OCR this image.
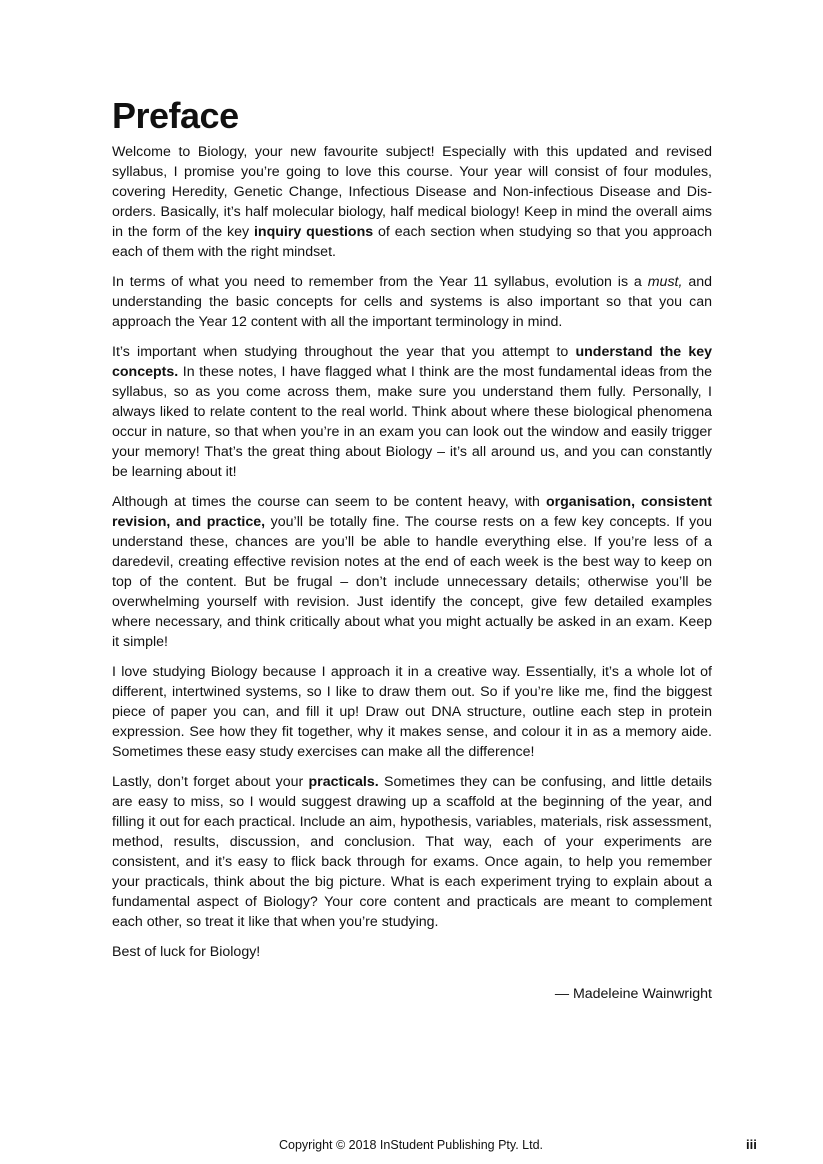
Preface

Welcome to Biology, your new favourite subject! Especially with this updated and revised syllabus, I promise you’re going to love this course. Your year will consist of four modules, covering Heredity, Genetic Change, Infectious Disease and Non-infectious Disease and Disorders. Basically, it’s half molecular biology, half medical biology! Keep in mind the overall aims in the form of the key inquiry questions of each section when studying so that you approach each of them with the right mindset.

In terms of what you need to remember from the Year 11 syllabus, evolution is a must, and understanding the basic concepts for cells and systems is also important so that you can approach the Year 12 content with all the important terminology in mind.

It’s important when studying throughout the year that you attempt to understand the key concepts. In these notes, I have flagged what I think are the most fundamental ideas from the syllabus, so as you come across them, make sure you understand them fully. Personally, I always liked to relate content to the real world. Think about where these biological phenomena occur in nature, so that when you’re in an exam you can look out the window and easily trigger your memory! That’s the great thing about Biology – it’s all around us, and you can constantly be learning about it!

Although at times the course can seem to be content heavy, with organisation, consistent revision, and practice, you’ll be totally fine. The course rests on a few key concepts. If you understand these, chances are you’ll be able to handle everything else. If you’re less of a daredevil, creating effective revision notes at the end of each week is the best way to keep on top of the content. But be frugal – don’t include unnecessary details; otherwise you’ll be overwhelming yourself with revision. Just identify the concept, give few detailed examples where necessary, and think critically about what you might actually be asked in an exam. Keep it simple!

I love studying Biology because I approach it in a creative way. Essentially, it’s a whole lot of different, intertwined systems, so I like to draw them out. So if you’re like me, find the biggest piece of paper you can, and fill it up! Draw out DNA structure, outline each step in protein expression. See how they fit together, why it makes sense, and colour it in as a memory aide. Sometimes these easy study exercises can make all the difference!

Lastly, don’t forget about your practicals. Sometimes they can be confusing, and little details are easy to miss, so I would suggest drawing up a scaffold at the beginning of the year, and filling it out for each practical. Include an aim, hypothesis, variables, materials, risk assessment, method, results, discussion, and conclusion. That way, each of your experiments are consistent, and it’s easy to flick back through for exams. Once again, to help you remember your practicals, think about the big picture. What is each experiment trying to explain about a fundamental aspect of Biology? Your core content and practicals are meant to complement each other, so treat it like that when you’re studying.

Best of luck for Biology!

— Madeleine Wainwright
Copyright © 2018 InStudent Publishing Pty. Ltd.	iii
